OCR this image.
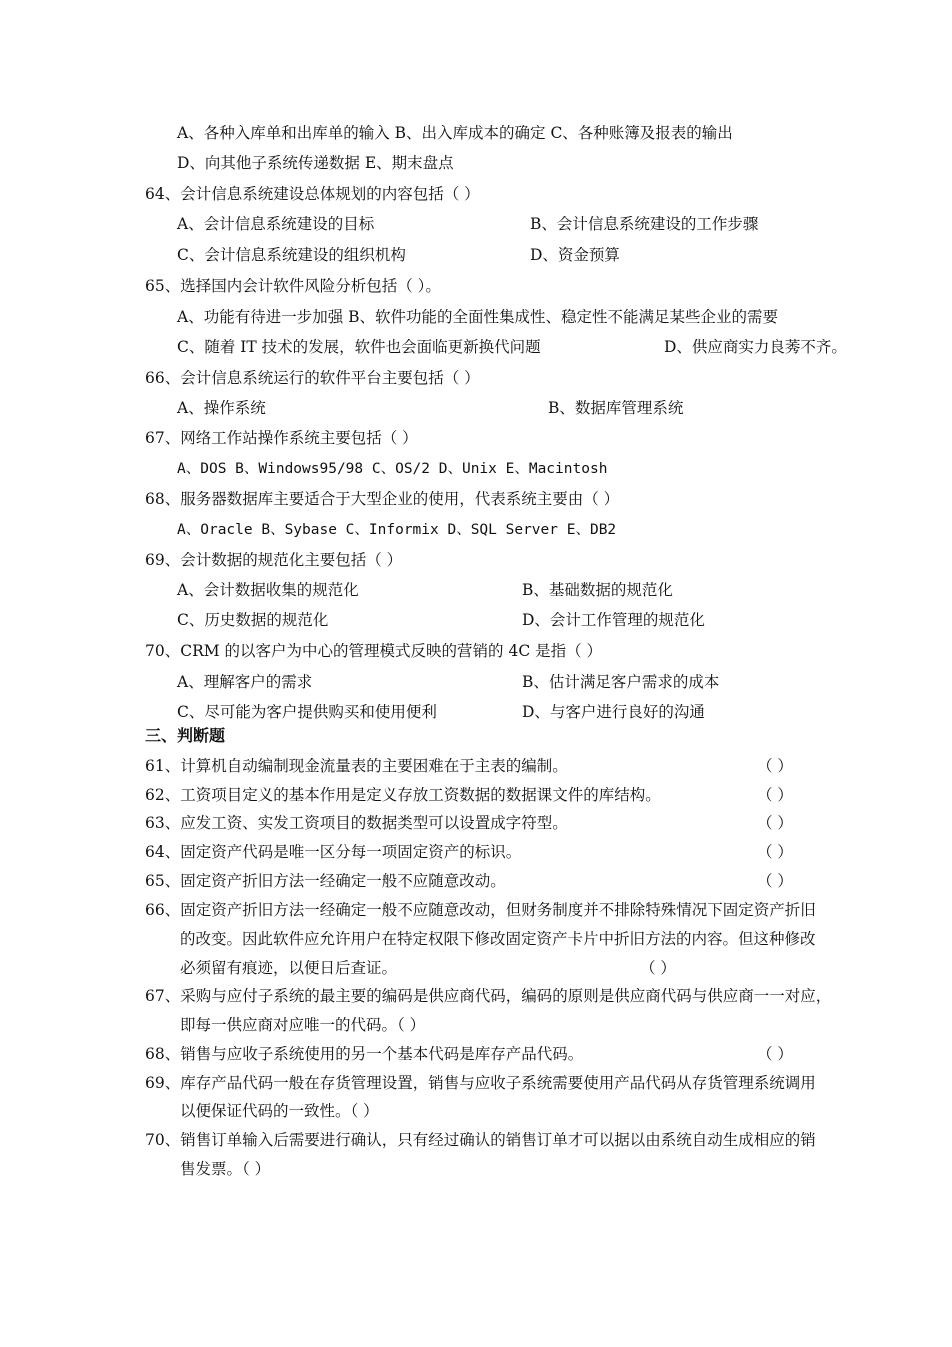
A、各种入库单和出库单的输入 B、出入库成本的确定 C、各种账簿及报表的输出
D、向其他子系统传递数据 E、期末盘点
64、会计信息系统建设总体规划的内容包括（ ）
A、会计信息系统建设的目标	B、会计信息系统建设的工作步骤
C、会计信息系统建设的组织机构	D、资金预算
65、选择国内会计软件风险分析包括（ ）。
A、功能有待进一步加强 B、软件功能的全面性集成性、稳定性不能满足某些企业的需要
C、随着 IT 技术的发展，软件也会面临更新换代问题	D、供应商实力良莠不齐。
66、会计信息系统运行的软件平台主要包括（ ）
A、操作系统	B、数据库管理系统
67、网络工作站操作系统主要包括（ ）
A、DOS B、Windows95/98 C、OS/2 D、Unix E、Macintosh
68、服务器数据库主要适合于大型企业的使用，代表系统主要由（ ）
A、Oracle B、Sybase C、Informix D、SQL Server E、DB2
69、会计数据的规范化主要包括（ ）
A、会计数据收集的规范化	B、基础数据的规范化
C、历史数据的规范化	D、会计工作管理的规范化
70、CRM 的以客户为中心的管理模式反映的营销的 4C 是指（ ）
A、理解客户的需求	B、估计满足客户需求的成本
C、尽可能为客户提供购买和使用便利	D、与客户进行良好的沟通
三、判断题
61、计算机自动编制现金流量表的主要困难在于主表的编制。	（ ）
62、工资项目定义的基本作用是定义存放工资数据的数据课文件的库结构。	（ ）
63、应发工资、实发工资项目的数据类型可以设置成字符型。	（ ）
64、固定资产代码是唯一区分每一项固定资产的标识。	（ ）
65、固定资产折旧方法一经确定一般不应随意改动。	（ ）
66、固定资产折旧方法一经确定一般不应随意改动，但财务制度并不排除特殊情况下固定资产折旧
的改变。因此软件应允许用户在特定权限下修改固定资产卡片中折旧方法的内容。但这种修改
必须留有痕迹，以便日后查证。	（ ）
67、采购与应付子系统的最主要的编码是供应商代码，编码的原则是供应商代码与供应商一一对应，
即每一供应商对应唯一的代码。（ ）
68、销售与应收子系统使用的另一个基本代码是库存产品代码。	（ ）
69、库存产品代码一般在存货管理设置，销售与应收子系统需要使用产品代码从存货管理系统调用
以便保证代码的一致性。（ ）
70、销售订单输入后需要进行确认，只有经过确认的销售订单才可以据以由系统自动生成相应的销
售发票。（ ）
